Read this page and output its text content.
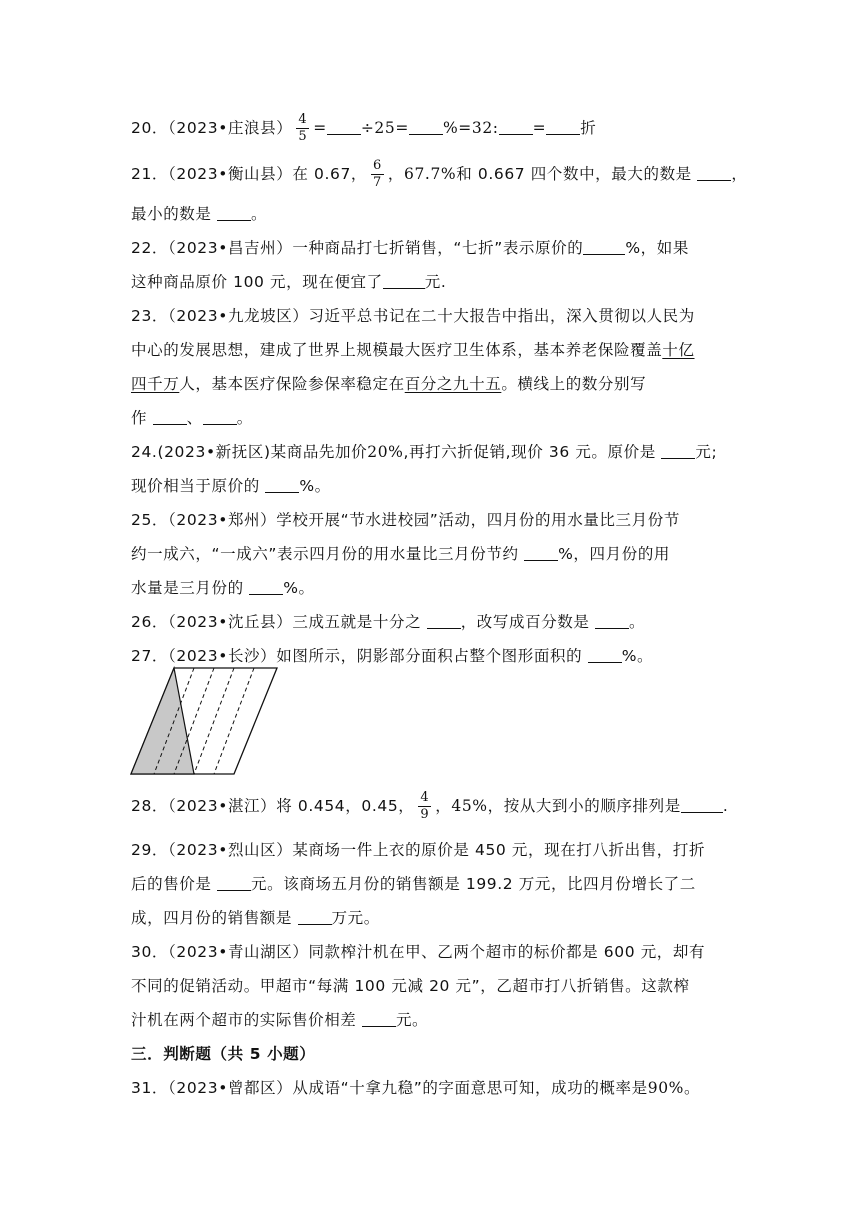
20．（2023•庄浪县） $\frac{4}{5} = \div 25= \%=32$: = 折
21．（2023•衡山县）在 0.67， $\frac{6}{7}$ ，67.7%和 0.667 四个数中，最大的数是	，
最小的数是	。
22．（2023•昌吉州）一种商品打七折销售，“七折”表示原价的	%，如果
这种商品原价 100 元，现在便宜了	元.
23．（2023•九龙坡区）习近平总书记在二十大报告中指出，深入贯彻以人民为
中心的发展思想，建成了世界上规模最大医疗卫生体系，基本养老保险覆盖十亿
四千万人，基本医疗保险参保率稳定在百分之九十五。横线上的数分别写
作	、 。
24.(2023•新抚区)某商品先加价20%,再打六折促销,现价 36 元。原价是	元;
现价相当于原价的	%。
25．（2023•郑州）学校开展“节水进校园”活动，四月份的用水量比三月份节
约一成六，“一成六”表示四月份的用水量比三月份节约	%，四月份的用
水量是三月份的	%。
26．（2023•沈丘县）三成五就是十分之	，改写成百分数是	。
27．（2023•长沙）如图所示，阴影部分面积占整个图形面积的	%。
28．（2023•湛江）将 0.454，0.45， $\frac{4}{9}$ ，45%，按从大到小的顺序排列是	.
29．（2023•烈山区）某商场一件上衣的原价是 450 元，现在打八折出售，打折
后的售价是	元。该商场五月份的销售额是 199.2 万元，比四月份增长了二
成，四月份的销售额是	万元。
30．（2023•青山湖区）同款榨汁机在甲、乙两个超市的标价都是 600 元，却有
不同的促销活动。甲超市“每满 100 元减 20 元”，乙超市打八折销售。这款榨
汁机在两个超市的实际售价相差	元。
三．判断题（共 5 小题）
31．（2023•曾都区）从成语“十拿九稳”的字面意思可知，成功的概率是90%。
